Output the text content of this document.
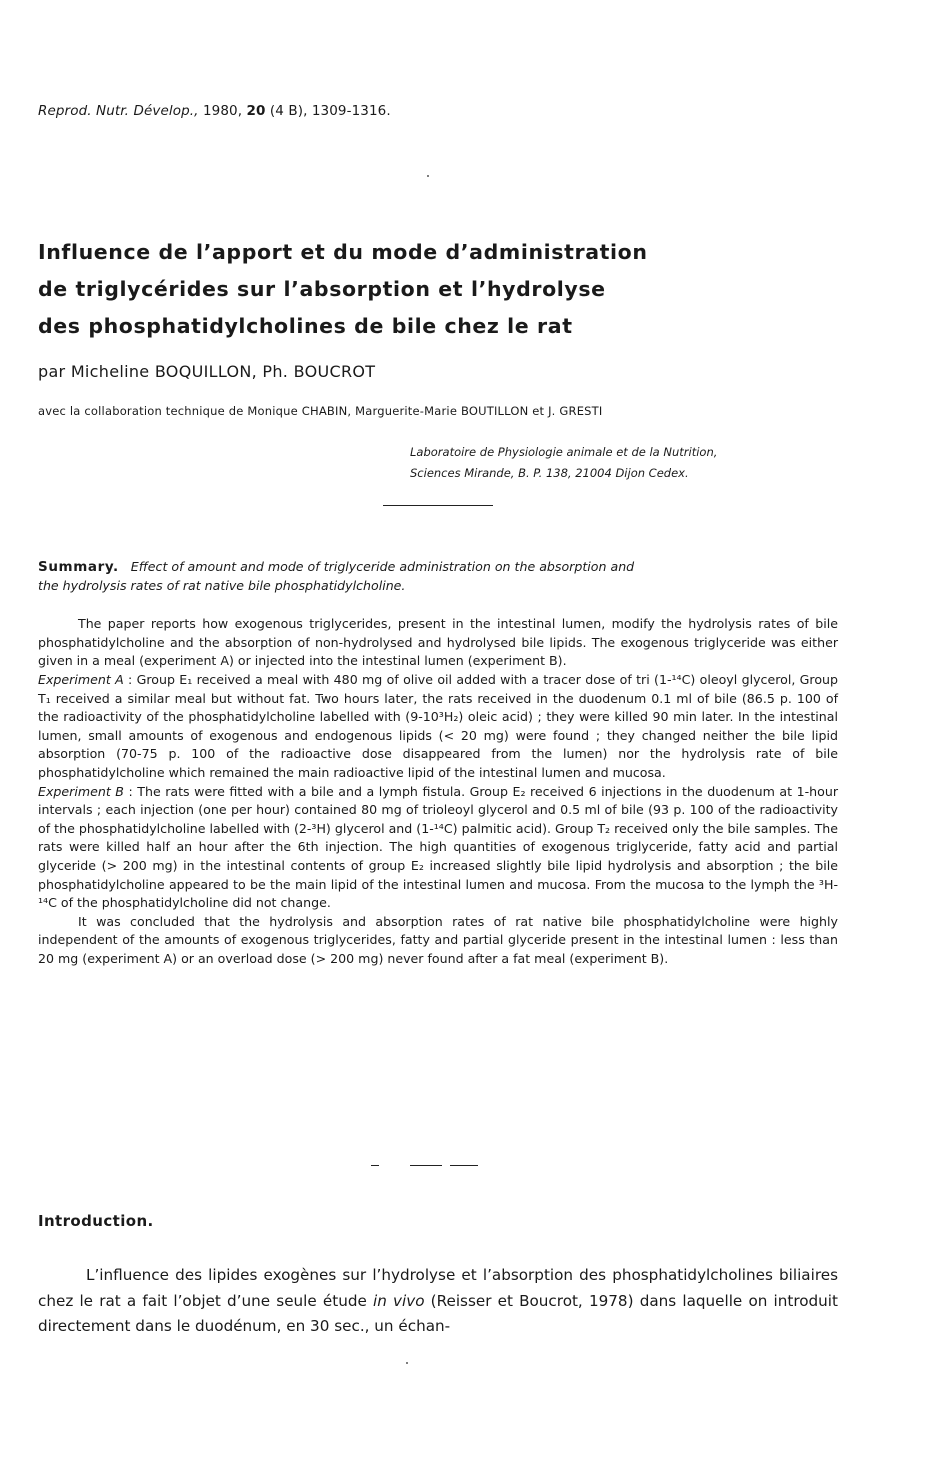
Reprod. Nutr. Dévelop., 1980, 20 (4 B), 1309-1316.
Influence de l’apport et du mode d’administration
de triglycérides sur l’absorption et l’hydrolyse
des phosphatidylcholines de bile chez le rat
par Micheline BOQUILLON, Ph. BOUCROT
avec la collaboration technique de Monique CHABIN, Marguerite-Marie BOUTILLON et J. GRESTI
Laboratoire de Physiologie animale et de la Nutrition,
Sciences Mirande, B. P. 138, 21004 Dijon Cedex.

Summary. Effect of amount and mode of triglyceride administration on the absorption and

the hydrolysis rates of rat native bile phosphatidylcholine.

The paper reports how exogenous triglycerides, present in the intestinal lumen, modify the hydrolysis rates of bile phosphatidylcholine and the absorption of non-hydrolysed and hydrolysed bile lipids. The exogenous triglyceride was either given in a meal (experiment A) or injected into the intestinal lumen (experiment B).

Experiment A : Group E₁ received a meal with 480 mg of olive oil added with a tracer dose of tri (1-¹⁴C) oleoyl glycerol, Group T₁ received a similar meal but without fat. Two hours later, the rats received in the duodenum 0.1 ml of bile (86.5 p. 100 of the radioactivity of the phosphatidylcholine labelled with (9-10³H₂) oleic acid) ; they were killed 90 min later. In the intestinal lumen, small amounts of exogenous and endogenous lipids (< 20 mg) were found ; they changed neither the bile lipid absorption (70-75 p. 100 of the radioactive dose disappeared from the lumen) nor the hydrolysis rate of bile phosphatidylcholine which remained the main radioactive lipid of the intestinal lumen and mucosa.

Experiment B : The rats were fitted with a bile and a lymph fistula. Group E₂ received 6 injections in the duodenum at 1-hour intervals ; each injection (one per hour) contained 80 mg of trioleoyl glycerol and 0.5 ml of bile (93 p. 100 of the radioactivity of the phosphatidylcholine labelled with (2-³H) glycerol and (1-¹⁴C) palmitic acid). Group T₂ received only the bile samples. The rats were killed half an hour after the 6th injection. The high quantities of exogenous triglyceride, fatty acid and partial glyceride (> 200 mg) in the intestinal contents of group E₂ increased slightly bile lipid hydrolysis and absorption ; the bile phosphatidylcholine appeared to be the main lipid of the intestinal lumen and mucosa. From the mucosa to the lymph the ³H-¹⁴C of the phosphatidylcholine did not change.

It was concluded that the hydrolysis and absorption rates of rat native bile phosphatidylcholine were highly independent of the amounts of exogenous triglycerides, fatty and partial glyceride present in the intestinal lumen : less than 20 mg (experiment A) or an overload dose (> 200 mg) never found after a fat meal (experiment B).

Introduction.

L’influence des lipides exogènes sur l’hydrolyse et l’absorption des phosphatidylcholines biliaires chez le rat a fait l’objet d’une seule étude in vivo (Reisser et Boucrot, 1978) dans laquelle on introduit directement dans le duodénum, en 30 sec., un échan-
